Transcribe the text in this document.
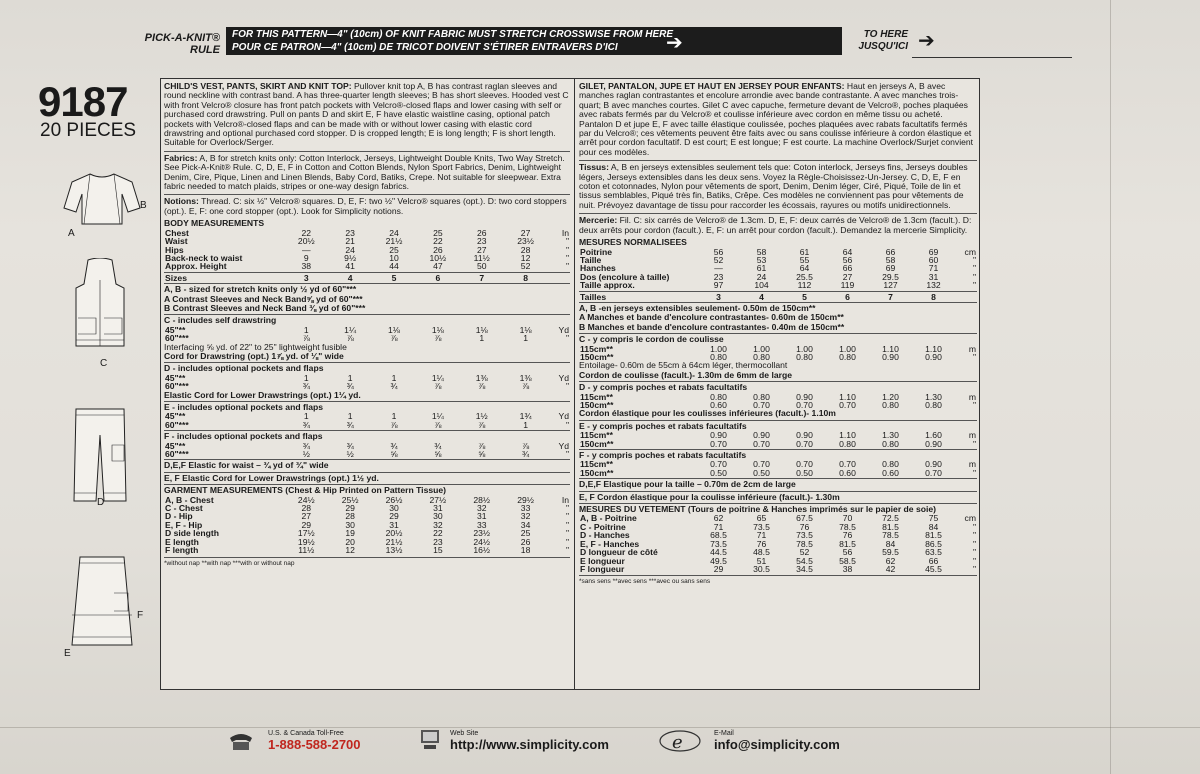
PICK-A-KNIT® RULE
FOR THIS PATTERN—4" (10cm) OF KNIT FABRIC MUST STRETCH CROSSWISE FROM HERE
POUR CE PATRON—4" (10cm) DE TRICOT DOIVENT S'ÉTIRER ENTRAVERS D'ICI	➔	TO HERE
JUSQU'ICI ➔
9187
20 PIECES
B
A
C
D
F
E

CHILD'S VEST, PANTS, SKIRT AND KNIT TOP: Pullover knit top A, B has contrast raglan sleeves and round neckline with contrast band. A has three-quarter length sleeves; B has short sleeves. Hooded vest C with front Velcro® closure has front patch pockets with Velcro®-closed flaps and lower casing with self or purchased cord drawstring. Pull on pants D and skirt E, F have elastic waistline casing, optional patch pockets with Velcro®-closed flaps and can be made with or without lower casing with elastic cord drawstring and optional purchased cord stopper. D is cropped length; E is long length; F is short length. Suitable for Overlock/Serger.

Fabrics: A, B for stretch knits only: Cotton Interlock, Jerseys, Lightweight Double Knits, Two Way Stretch. See Pick-A-Knit® Rule. C, D, E, F in Cotton and Cotton Blends, Nylon Sport Fabrics, Denim, Lightweight Denim, Cire, Pique, Linen and Linen Blends, Baby Cord, Batiks, Crepe. Not suitable for sleepwear. Extra fabric needed to match plaids, stripes or one-way design fabrics.

Notions: Thread. C: six ½" Velcro® squares. D, E, F: two ½" Velcro® squares (opt.). D: two cord stoppers (opt.). E, F: one cord stopper (opt.). Look for Simplicity notions.

BODY MEASUREMENTS
Chest	22	23	24	25	26	27	In
Waist	20½	21	21½	22	23	23½	"
Hips	—	24	25	26	27	28	"
Back-neck to waist	9	9½	10	10½	11½	12	"
Approx. Height	38	41	44	47	50	52	"
Sizes	3	4	5	6	7	8	
A, B - sized for stretch knits only ½ yd of 60"***
A Contrast Sleeves and Neck Band⅝ yd of 60"***
B Contrast Sleeves and Neck Band ⅜ yd of 60"***
C - includes self drawstring
45"**	1	1¼	1⅛	1⅛	1⅛	1⅛	Yd
60"***	⅞	⅞	⅞	⅞	1	1	"
Interfacing ⅝ yd. of 22" to 25" lightweight fusible
Cord for Drawstring (opt.) 1⅞ yd. of ⅛" wide
D - includes optional pockets and flaps
45"**	1	1	1	1¼	1⅜	1⅜	Yd
60"***	¾	¾	¾	⅞	⅞	⅞	"
Elastic Cord for Lower Drawstrings (opt.) 1¼ yd.
E - includes optional pockets and flaps
45"**	1	1	1	1¼	1½	1¾	Yd
60"***	¾	¾	⅞	⅞	⅞	1	"
F - includes optional pockets and flaps
45"**	¾	¾	¾	¾	⅞	⅞	Yd
60"***	½	½	⅝	⅝	⅝	¾	"
D,E,F Elastic for waist – ¾ yd of ¾" wide
E, F Elastic Cord for Lower Drawstrings (opt.) 1½ yd.
GARMENT MEASUREMENTS (Chest & Hip Printed on Pattern Tissue)
A, B - Chest	24½	25½	26½	27½	28½	29½	In
C - Chest	28	29	30	31	32	33	"
D - Hip	27	28	29	30	31	32	"
E, F - Hip	29	30	31	32	33	34	"
D side length	17½	19	20½	22	23½	25	"
E length	19½	20	21½	23	24½	26	"
F length	11½	12	13½	15	16½	18	"
*without nap **with nap ***with or without nap

GILET, PANTALON, JUPE ET HAUT EN JERSEY POUR ENFANTS: Haut en jerseys A, B avec manches raglan contrastantes et encolure arrondie avec bande contrastante. A avec manches trois-quart; B avec manches courtes. Gilet C avec capuche, fermeture devant de Velcro®, poches plaquées avec rabats fermés par du Velcro® et coulisse inférieure avec cordon en même tissu ou acheté. Pantalon D et jupe E, F avec taille élastique coulissée, poches plaquées avec rabats facultatifs fermés par du Velcro®; ces vêtements peuvent être faits avec ou sans coulisse inférieure à cordon élastique et arrêt pour cordon facultatif. D est court; E est longue; F est courte. La machine Overlock/Surjet convient pour ces modèles.

Tissus: A, B en jerseys extensibles seulement tels que: Coton interlock, Jerseys fins, Jerseys doubles légers, Jerseys extensibles dans les deux sens. Voyez la Règle-Choisissez-Un-Jersey. C, D, E, F en coton et cotonnades, Nylon pour vêtements de sport, Denim, Denim léger, Ciré, Piqué, Toile de lin et tissus semblables, Piqué très fin, Batiks, Crêpe. Ces modèles ne conviennent pas pour vêtements de nuit. Prévoyez davantage de tissu pour raccorder les écossais, rayures ou motifs unidirectionnels.

Mercerie: Fil. C: six carrés de Velcro® de 1.3cm. D, E, F: deux carrés de Velcro® de 1.3cm (facult.). D: deux arrêts pour cordon (facult.). E, F: un arrêt pour cordon (facult.). Demandez la mercerie Simplicity.

MESURES NORMALISEES
Poitrine	56	58	61	64	66	69	cm
Taille	52	53	55	56	58	60	"
Hanches	—	61	64	66	69	71	"
Dos (encolure à taille)	23	24	25.5	27	29.5	31	"
Taille approx.	97	104	112	119	127	132	"
Tailles	3	4	5	6	7	8	
A, B -en jerseys extensibles seulement- 0.50m de 150cm**
A Manches et bande d'encolure contrastantes- 0.60m de 150cm**
B Manches et bande d'encolure contrastantes- 0.40m de 150cm**
C - y compris le cordon de coulisse
115cm**	1.00	1.00	1.00	1.00	1.10	1.10	m
150cm**	0.80	0.80	0.80	0.80	0.90	0.90	"
Entoilage- 0.60m de 55cm à 64cm léger, thermocollant
Cordon de coulisse (facult.)- 1.30m de 6mm de large
D - y compris poches et rabats facultatifs
115cm**	0.80	0.80	0.90	1.10	1.20	1.30	m
150cm**	0.60	0.70	0.70	0.70	0.80	0.80	"
Cordon élastique pour les coulisses inférieures (facult.)- 1.10m
E - y compris poches et rabats facultatifs
115cm**	0.90	0.90	0.90	1.10	1.30	1.60	m
150cm**	0.70	0.70	0.70	0.80	0.80	0.90	"
F - y compris poches et rabats facultatifs
115cm**	0.70	0.70	0.70	0.70	0.80	0.90	m
150cm**	0.50	0.50	0.50	0.60	0.60	0.70	"
D,E,F Elastique pour la taille – 0.70m de 2cm de large
E, F Cordon élastique pour la coulisse inférieure (facult.)- 1.30m
MESURES DU VETEMENT (Tours de poitrine & Hanches imprimés sur le papier de soie)
A, B - Poitrine	62	65	67.5	70	72.5	75	cm
C - Poitrine	71	73.5	76	78.5	81.5	84	"
D - Hanches	68.5	71	73.5	76	78.5	81.5	"
E, F - Hanches	73.5	76	78.5	81.5	84	86.5	"
D longueur de côté	44.5	48.5	52	56	59.5	63.5	"
E longueur	49.5	51	54.5	58.5	62	66	"
F longueur	29	30.5	34.5	38	42	45.5	"
*sans sens **avec sens ***avec ou sans sens
U.S. & Canada Toll-Free
1-888-588-2700
Web Site
http://www.simplicity.com	e	E-Mail
info@simplicity.com
